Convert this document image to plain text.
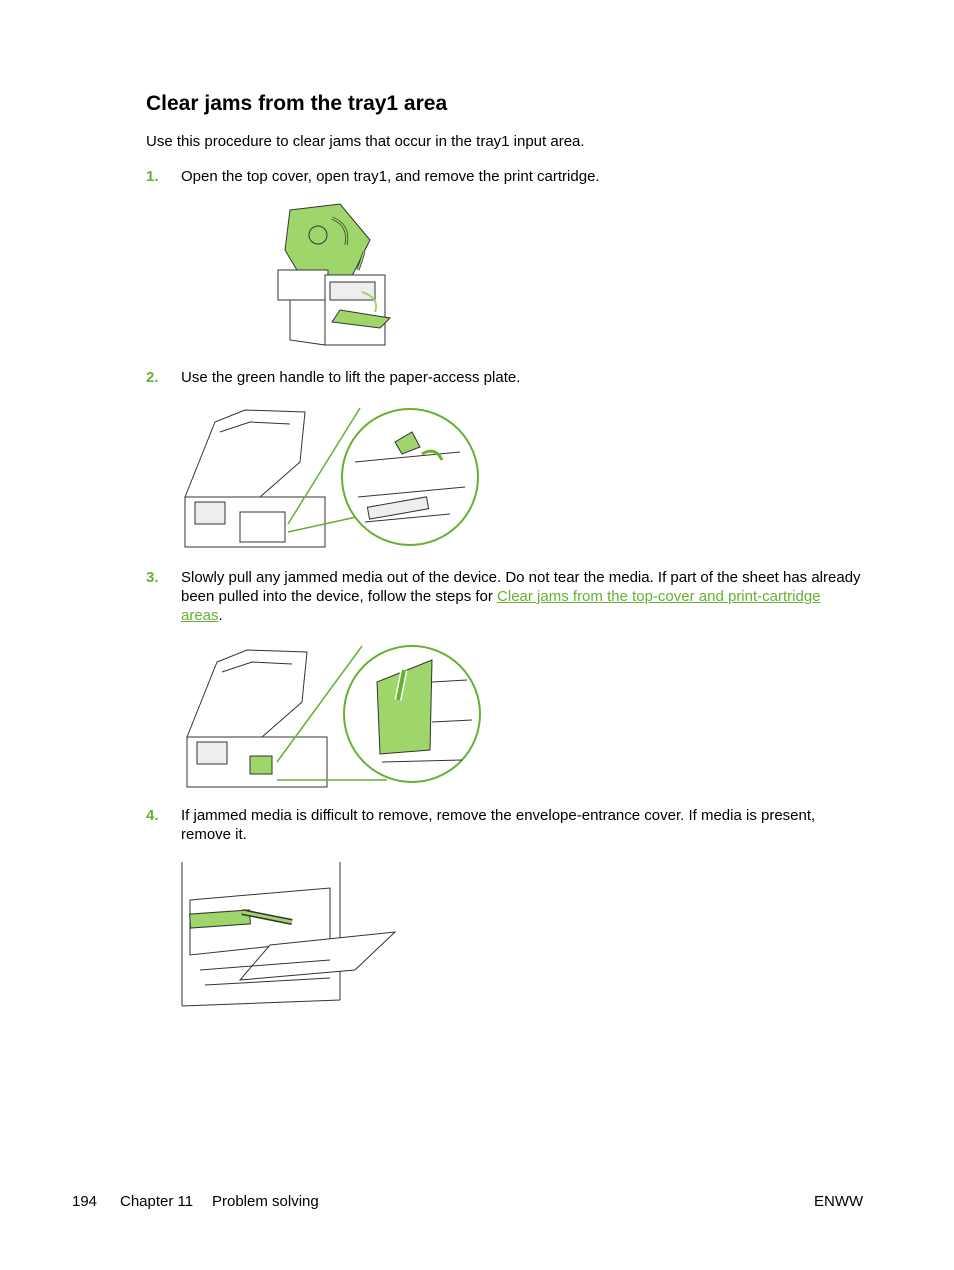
Clear jams from the tray1 area
Use this procedure to clear jams that occur in the tray1 input area.
1. Open the top cover, open tray1, and remove the print cartridge.
2. Use the green handle to lift the paper-access plate.
3. Slowly pull any jammed media out of the device. Do not tear the media. If part of the sheet has already been pulled into the device, follow the steps for Clear jams from the top-cover and print-cartridge areas.
4. If jammed media is difficult to remove, remove the envelope-entrance cover. If media is present, remove it.
194 Chapter 11 Problem solving	ENWW
